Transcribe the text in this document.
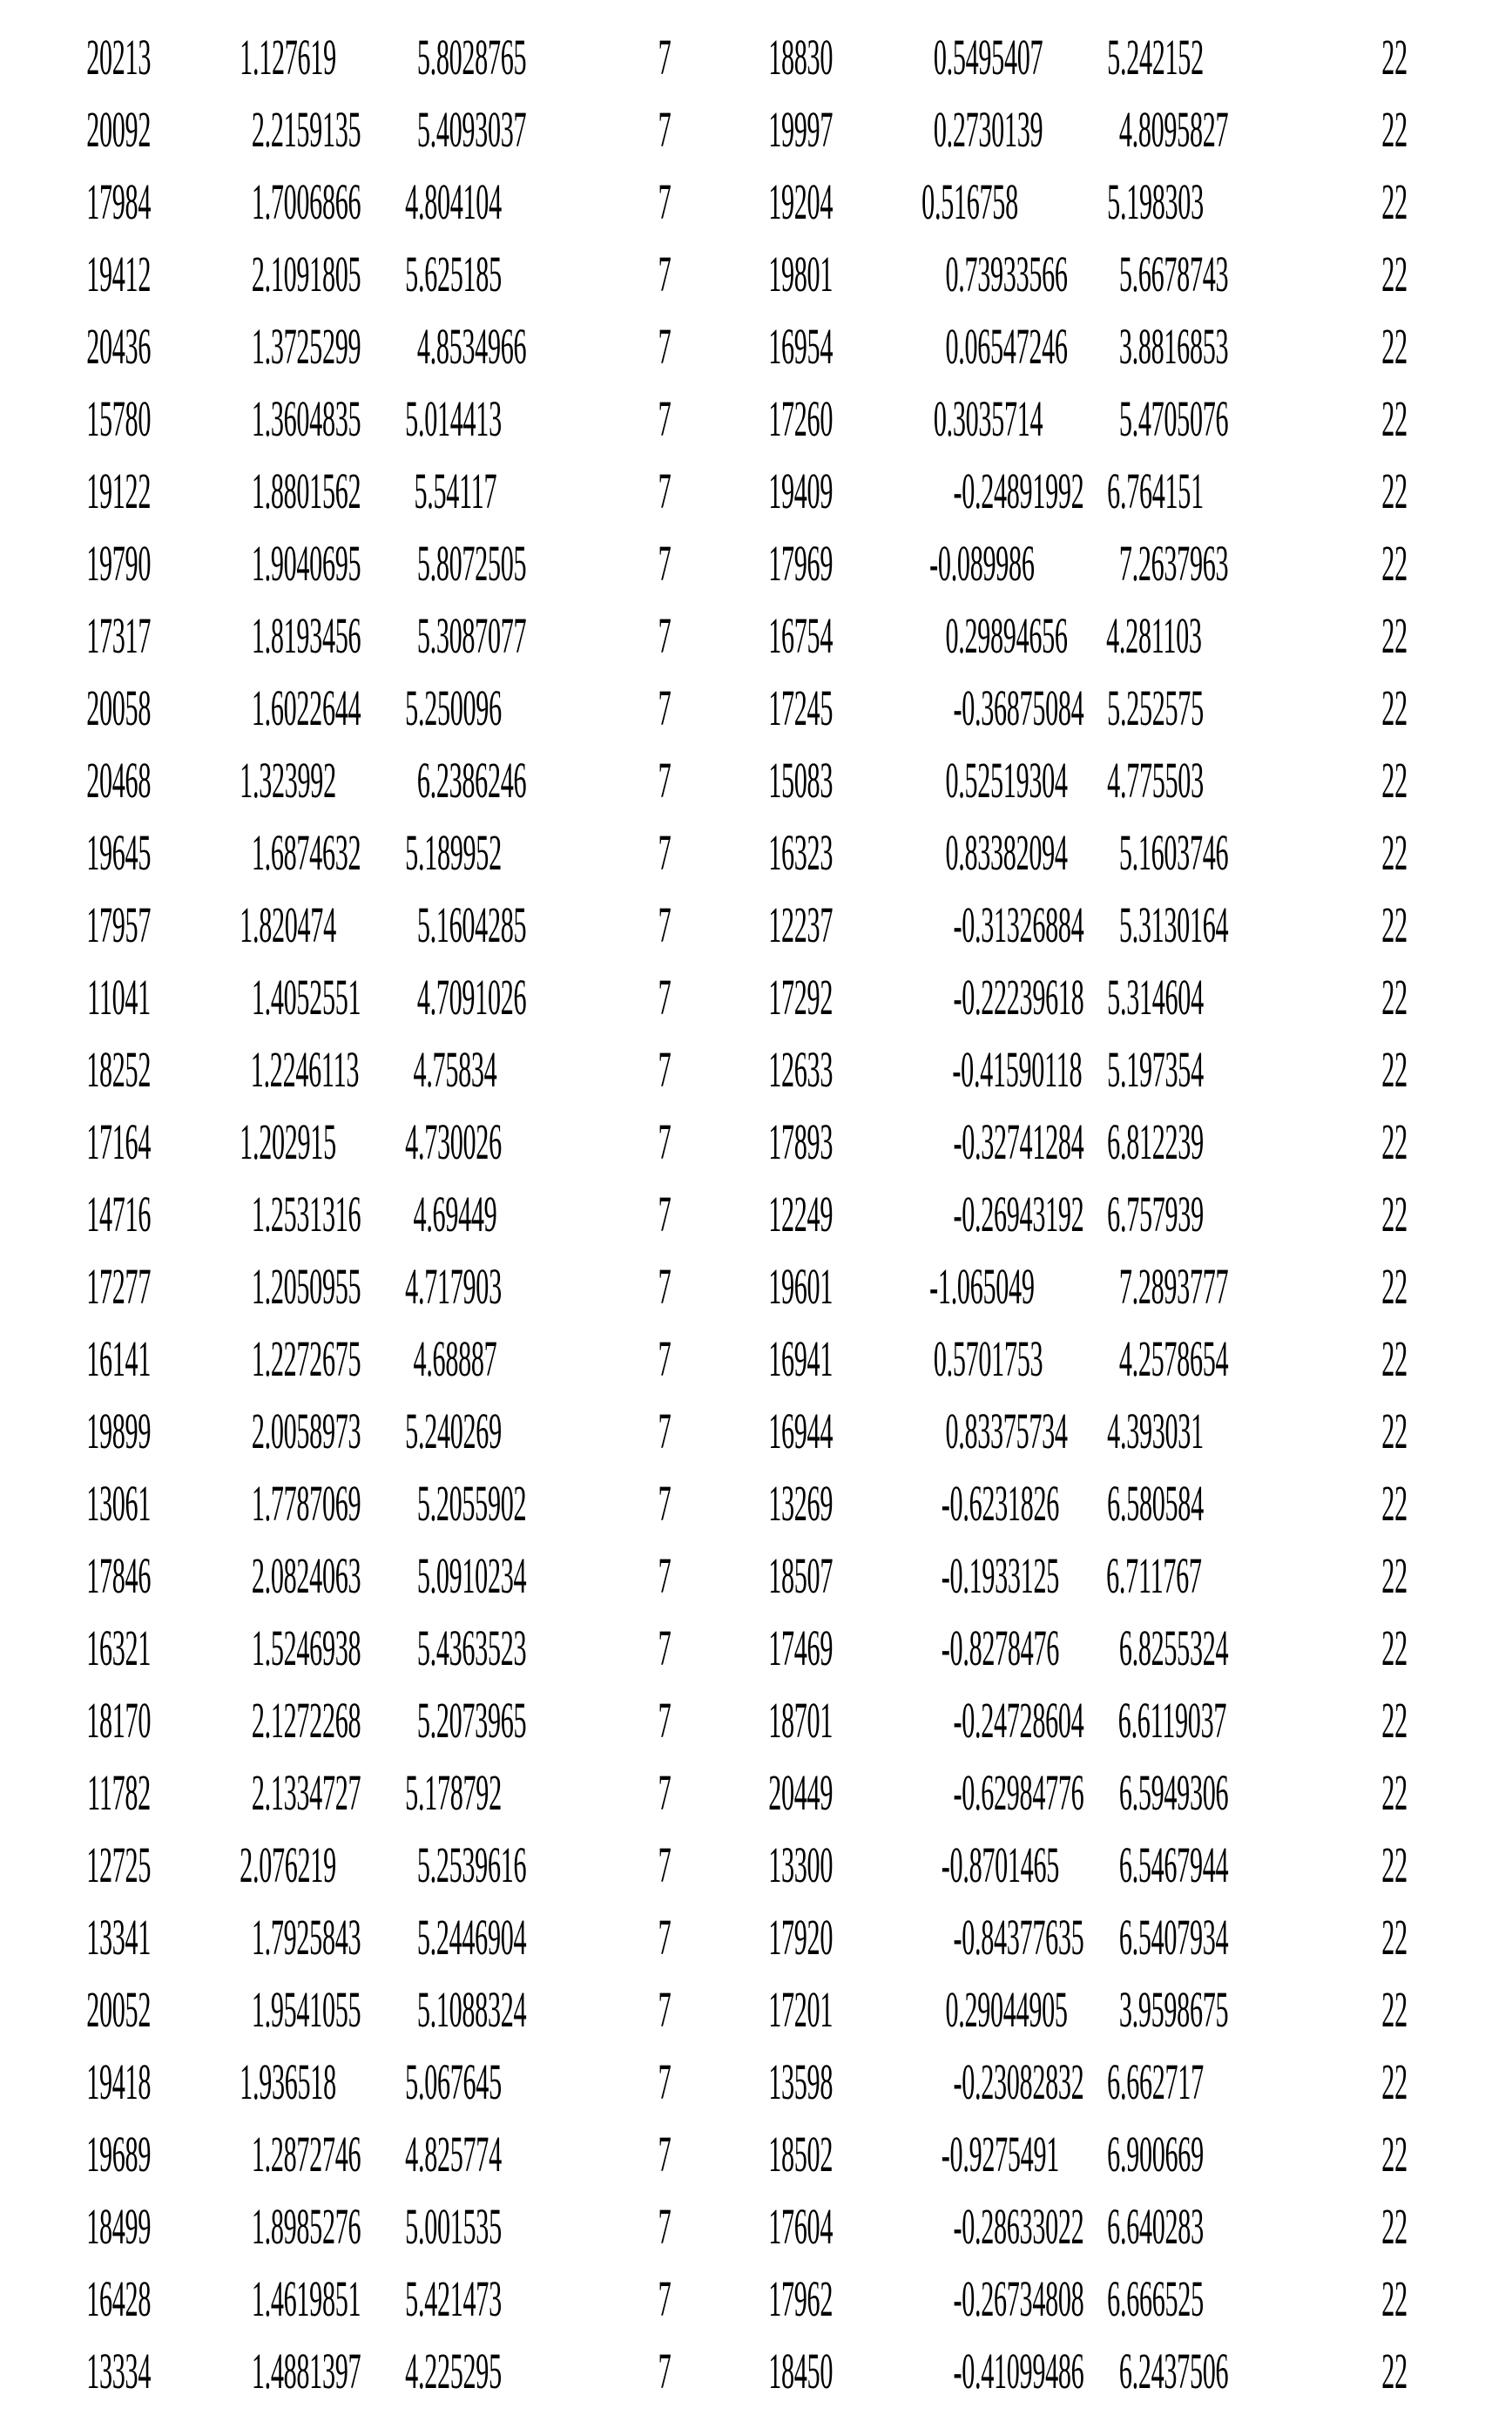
20213	1.127619	5.8028765	7	18830	0.5495407	5.242152	22
20092	2.2159135	5.4093037	7	19997	0.2730139	4.8095827	22
17984	1.7006866 4.804104	7	19204	0.516758	5.198303	22
19412	2.1091805 5.625185	7	19801	0.73933566	5.6678743	22
20436	1.3725299	4.8534966	7	16954	0.06547246	3.8816853	22
15780	1.3604835 5.014413	7	17260	0.3035714	5.4705076	22
19122	1.8801562	5.54117	7	19409	-0.24891992 6.764151	22
19790	1.9040695	5.8072505	7	17969	-0.089986	7.2637963	22
17317	1.8193456	5.3087077	7	16754	0.29894656 4.281103	22
20058	1.6022644 5.250096	7	17245	-0.36875084 5.252575	22
20468	1.323992	6.2386246	7	15083	0.52519304 4.775503	22
19645	1.6874632 5.189952	7	16323	0.83382094	5.1603746	22
17957	1.820474	5.1604285	7	12237	-0.31326884 5.3130164	22
11041	1.4052551	4.7091026	7	17292	-0.22239618 5.314604	22
18252	1.2246113	4.75834	7	12633	-0.41590118 5.197354	22
17164	1.202915	4.730026	7	17893	-0.32741284 6.812239	22
14716	1.2531316	4.69449	7	12249	-0.26943192 6.757939	22
17277	1.2050955 4.717903	7	19601	-1.065049	7.2893777	22
16141	1.2272675	4.68887	7	16941	0.5701753	4.2578654	22
19899	2.0058973 5.240269	7	16944	0.83375734 4.393031	22
13061	1.7787069	5.2055902	7	13269	-0.6231826 6.580584	22
17846	2.0824063	5.0910234	7	18507	-0.1933125 6.711767	22
16321	1.5246938	5.4363523	7	17469	-0.8278476	6.8255324	22
18170	2.1272268	5.2073965	7	18701	-0.24728604 6.6119037	22
11782	2.1334727 5.178792	7	20449	-0.62984776 6.5949306	22
12725	2.076219	5.2539616	7	13300	-0.8701465	6.5467944	22
13341	1.7925843	5.2446904	7	17920	-0.84377635 6.5407934	22
20052	1.9541055	5.1088324	7	17201	0.29044905	3.9598675	22
19418	1.936518	5.067645	7	13598	-0.23082832 6.662717	22
19689	1.2872746 4.825774	7	18502	-0.9275491 6.900669	22
18499	1.8985276 5.001535	7	17604	-0.28633022 6.640283	22
16428	1.4619851 5.421473	7	17962	-0.26734808 6.666525	22
13334	1.4881397 4.225295	7	18450	-0.41099486 6.2437506	22
